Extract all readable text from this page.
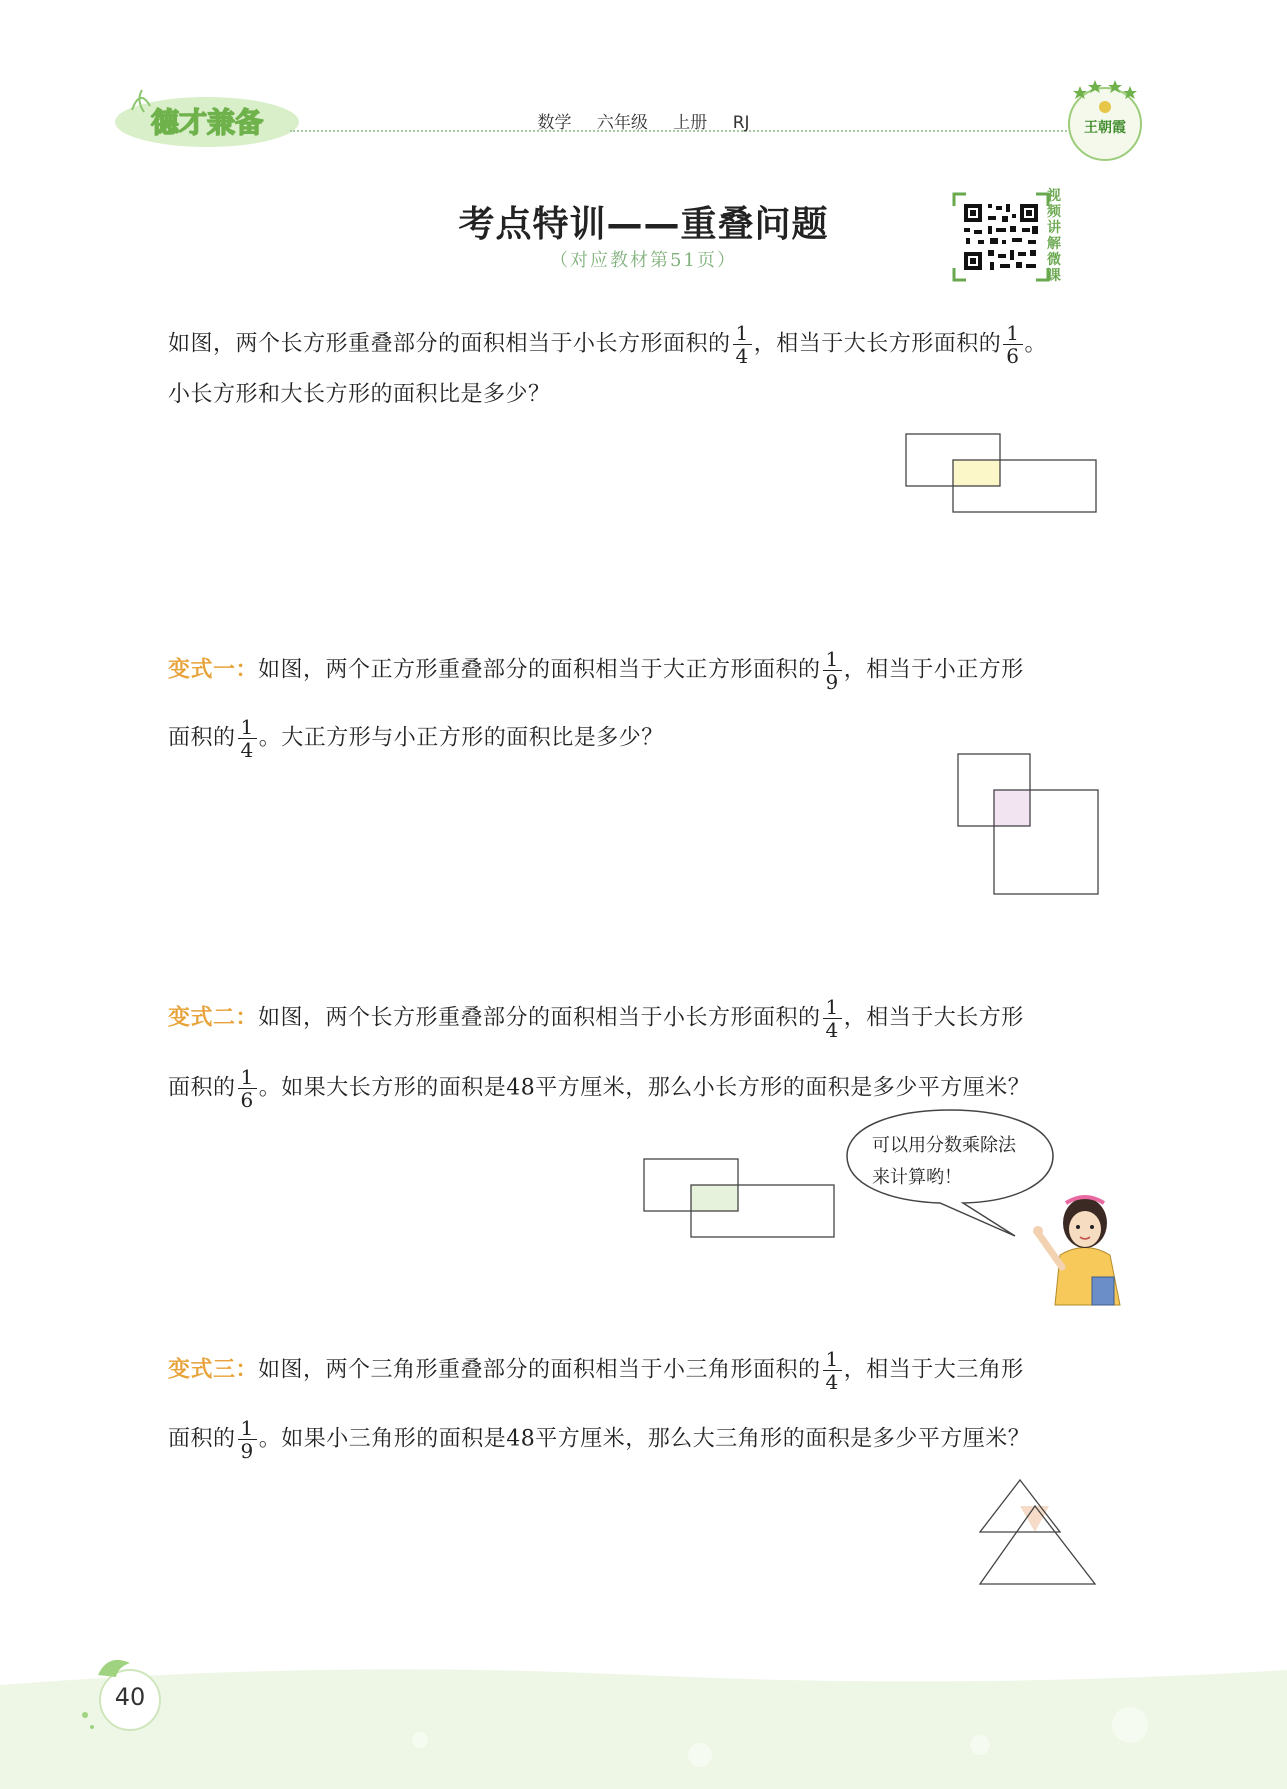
德才兼备	数学 六年级 上册 RJ	王朝霞
考点特训——重叠问题
（对应教材第51页）
视频讲解微课
如图，两个长方形重叠部分的面积相当于小长方形面积的 $\frac{1}{4}$ ，相当于大长方形面积的 $\frac{1}{6}$ 。
小长方形和大长方形的面积比是多少？
变式一：如图，两个正方形重叠部分的面积相当于大正方形面积的 $\frac{1}{9}$ ，相当于小正方形
面积的 $\frac{1}{4}$ 。大正方形与小正方形的面积比是多少？
变式二：如图，两个长方形重叠部分的面积相当于小长方形面积的 $\frac{1}{4}$ ，相当于大长方形
面积的 $\frac{1}{6}$ 。如果大长方形的面积是48平方厘米，那么小长方形的面积是多少平方厘米？
可以用分数乘除法
来计算哟！
变式三：如图，两个三角形重叠部分的面积相当于小三角形面积的 $\frac{1}{4}$ ，相当于大三角形
面积的 $\frac{1}{9}$ 。如果小三角形的面积是48平方厘米，那么大三角形的面积是多少平方厘米？
40
